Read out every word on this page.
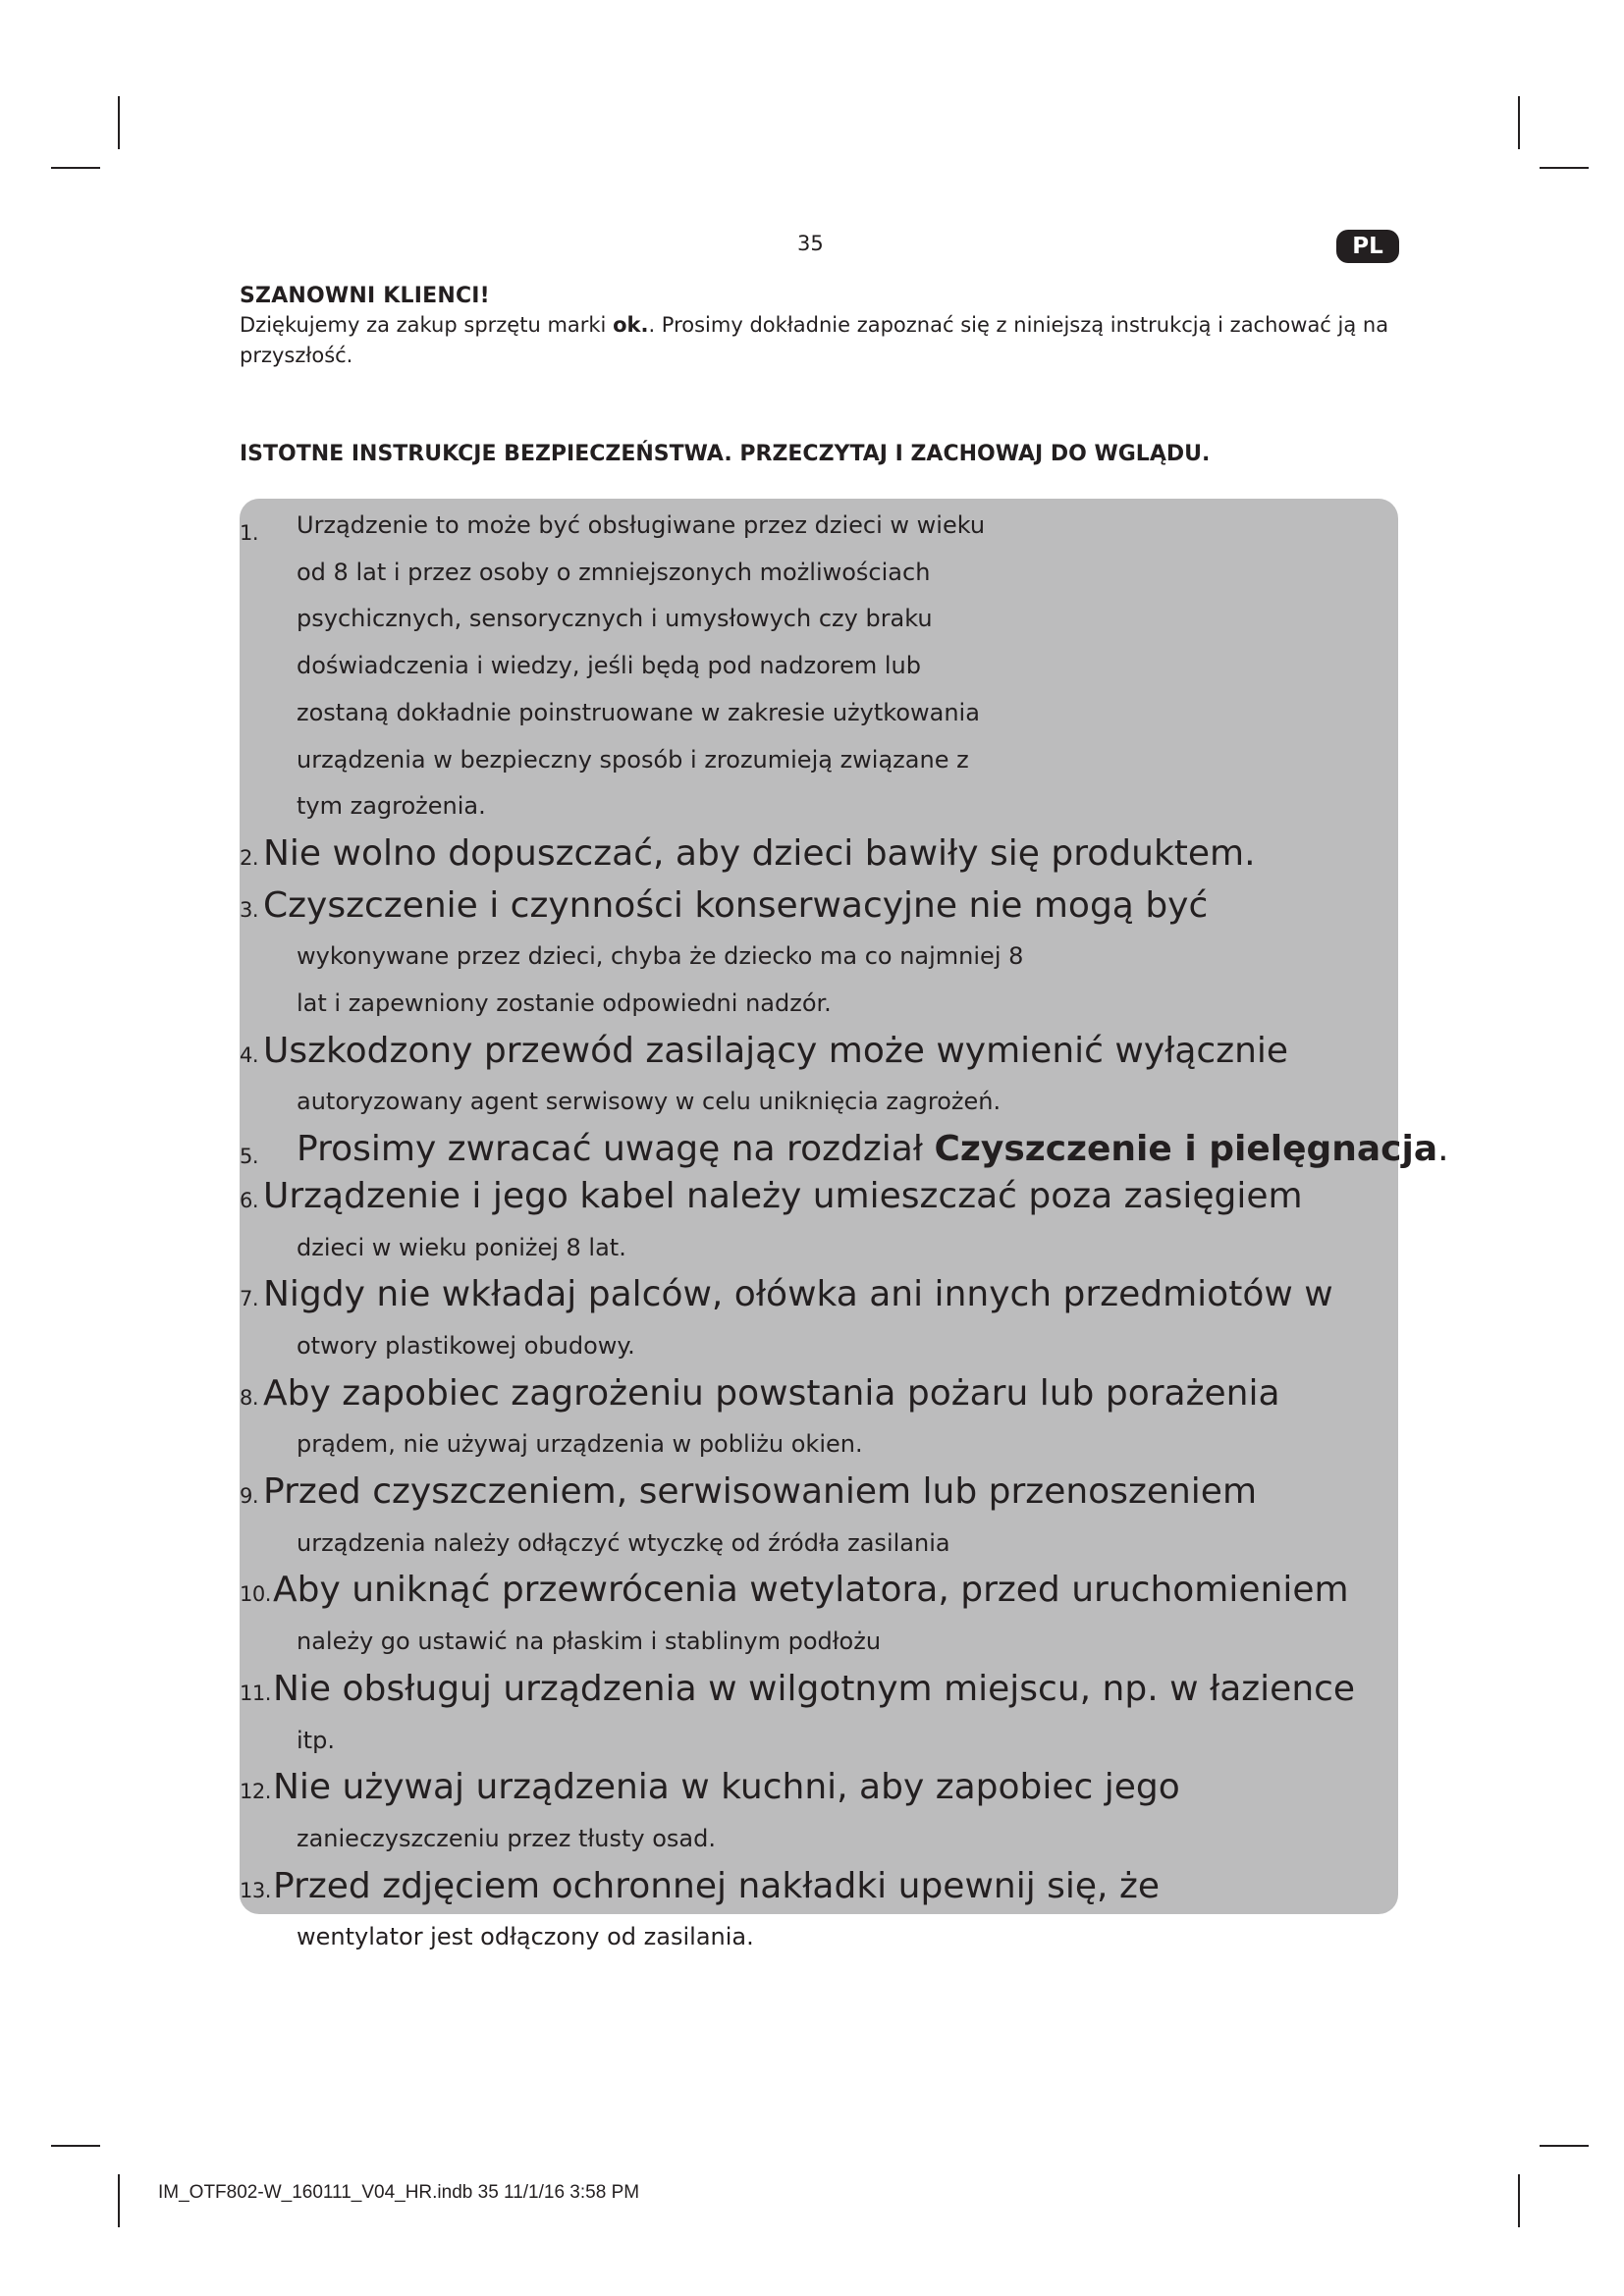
35	PL
SZANOWNI KLIENCI!
Dziękujemy za zakup sprzętu marki ok.. Prosimy dokładnie zapoznać się z niniejszą instrukcją i zachować ją na przyszłość.
ISTOTNE INSTRUKCJE BEZPIECZEŃSTWA. PRZECZYTAJ I ZACHOWAJ DO WGLĄDU.
1. Urządzenie to może być obsługiwane przez dzieci w wieku
od 8 lat i przez osoby o zmniejszonych możliwościach
psychicznych, sensorycznych i umysłowych czy braku
doświadczenia i wiedzy, jeśli będą pod nadzorem lub
zostaną dokładnie poinstruowane w zakresie użytkowania
urządzenia w bezpieczny sposób i zrozumieją związane z
tym zagrożenia.
2. Nie wolno dopuszczać, aby dzieci bawiły się produktem.
3. Czyszczenie i czynności konserwacyjne nie mogą być
wykonywane przez dzieci, chyba że dziecko ma co najmniej 8
lat i zapewniony zostanie odpowiedni nadzór.
4. Uszkodzony przewód zasilający może wymienić wyłącznie
autoryzowany agent serwisowy w celu uniknięcia zagrożeń.
5. Prosimy zwracać uwagę na rozdział Czyszczenie i pielęgnacja.
6. Urządzenie i jego kabel należy umieszczać poza zasięgiem
dzieci w wieku poniżej 8 lat.
7. Nigdy nie wkładaj palców, ołówka ani innych przedmiotów w
otwory plastikowej obudowy.
8. Aby zapobiec zagrożeniu powstania pożaru lub porażenia
prądem, nie używaj urządzenia w pobliżu okien.
9. Przed czyszczeniem, serwisowaniem lub przenoszeniem
urządzenia należy odłączyć wtyczkę od źródła zasilania
10.Aby uniknąć przewrócenia wetylatora, przed uruchomieniem
należy go ustawić na płaskim i stablinym podłożu
11.Nie obsługuj urządzenia w wilgotnym miejscu, np. w łazience
itp.
12.Nie używaj urządzenia w kuchni, aby zapobiec jego
zanieczyszczeniu przez tłusty osad.
13.Przed zdjęciem ochronnej nakładki upewnij się, że
wentylator jest odłączony od zasilania.
IM_OTF802-W_160111_V04_HR.indb 35 11/1/16 3:58 PM
